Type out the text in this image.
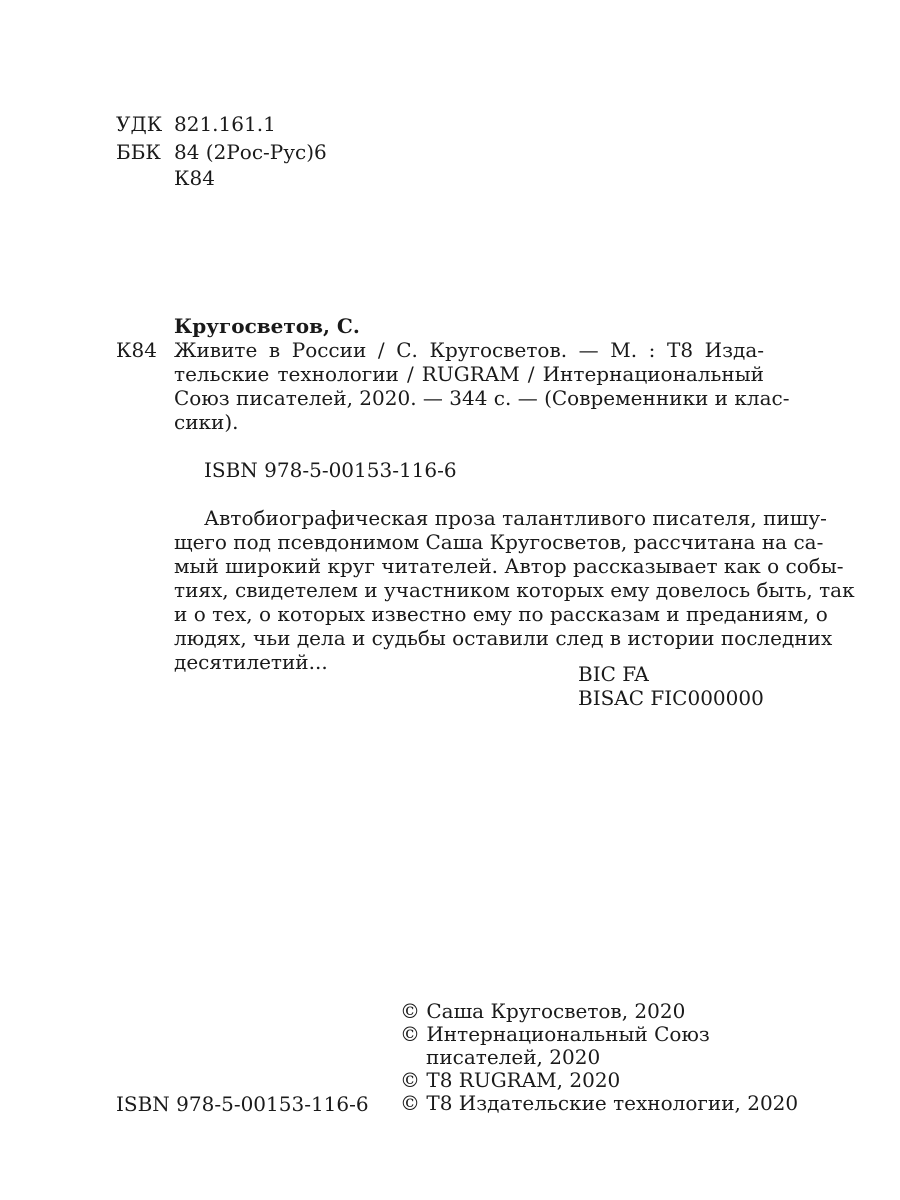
УДК 821.161.1
ББК 84 (2Рос-Рус)6
К84
Кругосветов, С.
К84 Живите в России / С. Кругосветов. — М. : Т8 Изда-
тельские технологии / RUGRAM / Интернациональный
Союз писателей, 2020. — 344 с. — (Современники и клас-
сики).
ISBN 978-5-00153-116-6
Автобиографическая проза талантливого писателя, пишу-
щего под псевдонимом Саша Кругосветов, рассчитана на са-
мый широкий круг читателей. Автор рассказывает как о собы-
тиях, свидетелем и участником которых ему довелось быть, так
и о тех, о которых известно ему по рассказам и преданиям, о
людях, чьи дела и судьбы оставили след в истории последних
десятилетий...	BIC FA
BISAC FIC000000
© Саша Кругосветов, 2020
© Интернациональный Союз
писателей, 2020
© Т8 RUGRAM, 2020
© Т8 Издательские технологии, 2020
ISBN 978-5-00153-116-6
